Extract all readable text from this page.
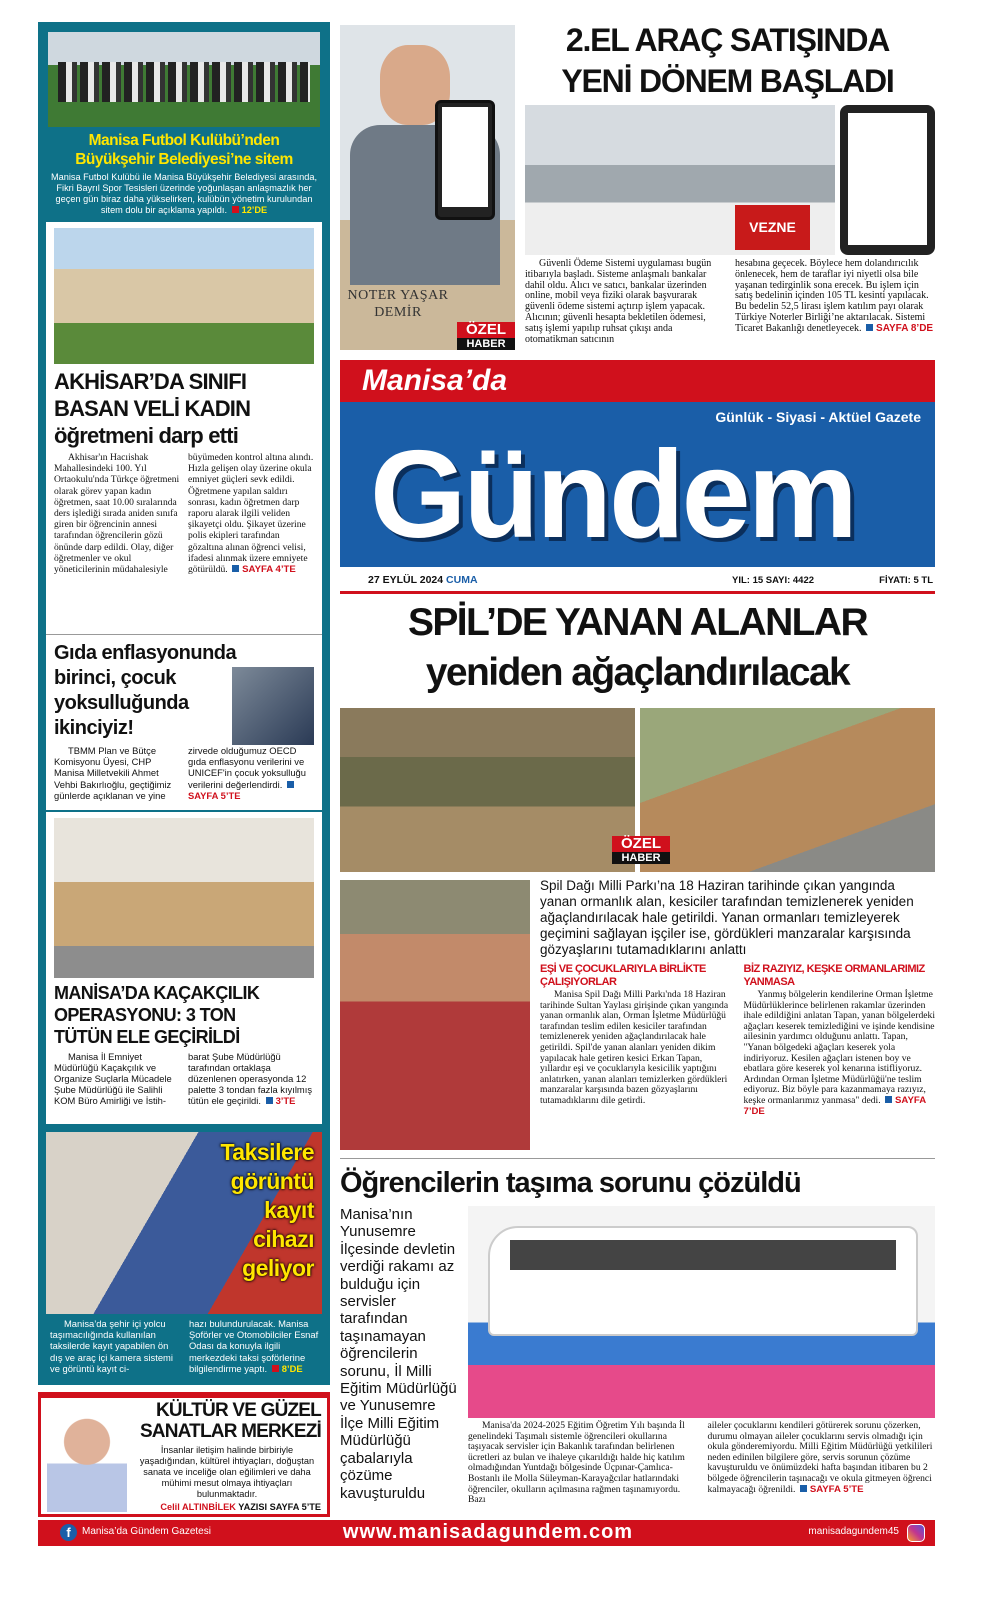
Manisa Futbol Kulübü’nden
Büyükşehir Belediyesi’ne sitem
Manisa Futbol Kulübü ile Manisa Büyükşehir Belediyesi arasında, Fikri Bayrıl Spor Tesisleri üzerinde yoğunlaşan anlaşmazlık her geçen gün biraz daha yükselirken, kulübün yönetim kurulundan sitem dolu bir açıklama yapıldı. 12’DE
AKHİSAR’DA SINIFI
BASAN VELİ KADIN
öğretmeni darp etti
Akhisar'ın Hacıishak Mahallesindeki 100. Yıl Ortaokulu'nda Türkçe öğretmeni olarak görev yapan kadın öğretmen, saat 10.00 sıralarında ders işlediği sırada aniden sınıfa giren bir öğrencinin annesi tarafından öğrencilerin gözü önünde darp edildi. Olay, diğer öğretmenler ve okul yöneticilerinin müdahalesiyle
büyümeden kontrol altına alındı. Hızla gelişen olay üzerine okula emniyet güçleri sevk edildi. Öğretmene yapılan saldırı sonrası, kadın öğretmen darp raporu alarak ilgili veliden şikayetçi oldu. Şikayet üzerine polis ekipleri tarafından gözaltına alınan öğrenci velisi, ifadesi alınmak üzere emniyete götürüldü. SAYFA 4’TE
Gıda enflasyonunda
birinci, çocuk
yoksulluğunda
ikinciyiz!
TBMM Plan ve Bütçe Komisyonu Üyesi, CHP Manisa Milletvekili Ahmet Vehbi Bakırlıoğlu, geçtiğimiz günlerde açıklanan ve yine
zirvede olduğumuz OECD gıda enflasyonu verilerini ve UNICEF'in çocuk yoksulluğu verilerini değerlendirdi. SAYFA 5’TE
MANİSA’DA KAÇAKÇILIK
OPERASYONU: 3 TON
TÜTÜN ELE GEÇİRİLDİ
Manisa İl Emniyet Müdürlüğü Kaçakçılık ve Organize Suçlarla Mücadele Şube Müdürlüğü ile Salihli KOM Büro Amirliği ve İstih-
barat Şube Müdürlüğü tarafından ortaklaşa düzenlenen operasyonda 12 palette 3 tondan fazla kıyılmış tütün ele geçirildi. 3’TE
Taksilere
görüntü
kayıt
cihazı
geliyor
Manisa’da şehir içi yolcu taşımacılığında kullanılan taksilerde kayıt yapabilen ön dış ve araç içi kamera sistemi ve görüntü kayıt ci-
hazı bulundurulacak. Manisa Şoförler ve Otomobilciler Esnaf Odası da konuyla ilgili merkezdeki taksi şoförlerine bilgilendirme yaptı. 8’DE
KÜLTÜR VE GÜZEL
SANATLAR MERKEZİ
İnsanlar iletişim halinde birbiriyle yaşadığından, kültürel ihtiyaçları, doğuştan sanata ve inceliğe olan eğilimleri ve daha mühimi mesut olmaya ihtiyaçları bulunmaktadır.
Celil ALTINBİLEK YAZISI SAYFA 5’TE
NOTER YAŞAR DEMİR
ÖZEL
HABER
2.EL ARAÇ SATIŞINDA
YENİ DÖNEM BAŞLADI
VEZNE
Güvenli Ödeme Sistemi uygulaması bugün itibarıyla başladı. Sisteme anlaşmalı bankalar dahil oldu. Alıcı ve satıcı, bankalar üzerinden online, mobil veya fiziki olarak başvurarak güvenli ödeme sistemi açtırıp işlem yapacak. Alıcının; güvenli hesapta bekletilen ödemesi, satış işlemi yapılıp ruhsat çıkışı anda otomatikman satıcının
hesabına geçecek. Böylece hem dolandırıcılık önlenecek, hem de taraflar iyi niyetli olsa bile yaşanan tedirginlik sona erecek. Bu işlem için satış bedelinin içinden 105 TL kesinti yapılacak. Bu bedelin 52,5 lirası işlem katılım payı olarak Türkiye Noterler Birliği’ne aktarılacak. Sistemi Ticaret Bakanlığı denetleyecek. SAYFA 8’DE
Manisa’da
Gündem
Günlük - Siyasi - Aktüel Gazete
27 EYLÜL 2024 CUMA	YIL: 15 SAYI: 4422	FİYATI: 5 TL
SPİL’DE YANAN ALANLAR
yeniden ağaçlandırılacak
ÖZEL
HABER
Spil Dağı Milli Parkı’na 18 Haziran tarihinde çıkan yangında yanan ormanlık alan, kesiciler tarafından temizlenerek yeniden ağaçlandırılacak hale getirildi. Yanan ormanları temizleyerek geçimini sağlayan işçiler ise, gördükleri manzaralar karşısında gözyaşlarını tutamadıklarını anlattı
EŞİ VE ÇOCUKLARIYLA BİRLİKTE ÇALIŞIYORLAR
Manisa Spil Dağı Milli Parkı'nda 18 Haziran tarihinde Sultan Yaylası girişinde çıkan yangında yanan ormanlık alan, Orman İşletme Müdürlüğü tarafından teslim edilen kesiciler tarafından temizlenerek yeniden ağaçlandırılacak hale getirildi. Spil'de yanan alanları yeniden dikim yapılacak hale getiren kesici Erkan Tapan, yıllardır eşi ve çocuklarıyla kesicilik yaptığını anlatırken, yanan alanları temizlerken gördükleri manzaralar karşısında bazen gözyaşlarını tutamadıklarını dile getirdi.
BİZ RAZIYIZ, KEŞKE ORMANLARIMIZ YANMASA
Yanmış bölgelerin kendilerine Orman İşletme Müdürlüklerince belirlenen rakamlar üzerinden ihale edildiğini anlatan Tapan, yanan bölgelerdeki ağaçları keserek temizlediğini ve işinde kendisine ailesinin yardımcı olduğunu anlattı. Tapan, "Yanan bölgedeki ağaçları keserek yola indiriyoruz. Kesilen ağaçları istenen boy ve ebatlara göre keserek yol kenarına istifliyoruz. Ardından Orman İşletme Müdürlüğü'ne teslim ediyoruz. Biz böyle para kazanmamaya razıyız, keşke ormanlarımız yanmasa" dedi. SAYFA 7’DE
Öğrencilerin taşıma sorunu çözüldü
Manisa’nın Yunusemre İlçesinde devletin verdiği rakamı az bulduğu için servisler tarafından taşınamayan öğrencilerin sorunu, İl Milli Eğitim Müdürlüğü ve Yunusemre İlçe Milli Eğitim Müdürlüğü çabalarıyla çözüme kavuşturuldu
Manisa'da 2024-2025 Eğitim Öğretim Yılı başında İl genelindeki Taşımalı sistemle öğrencileri okullarına taşıyacak servisler için Bakanlık tarafından belirlenen ücretleri az bulan ve ihaleye çıkarıldığı halde hiç katılım olmadığından Yuntdağı bölgesinde Üçpınar-Çamlıca-Bostanlı ile Molla Süleyman-Karayağcılar hatlarındaki öğrenciler, okulların açılmasına rağmen taşınamıyordu. Bazı
aileler çocuklarını kendileri götürerek sorunu çözerken, durumu olmayan aileler çocuklarını servis olmadığı için okula gönderemiyordu. Milli Eğitim Müdürlüğü yetkilileri neden edinilen bilgilere göre, servis sorunun çözüme kavuşturuldu ve önümüzdeki hafta başından itibaren bu 2 bölgede öğrencilerin taşınacağı ve okula gitmeyen öğrenci kalmayacağı öğrenildi. SAYFA 5’TE
f	Manisa’da Gündem Gazetesi	www.manisadagundem.com	manisadagundem45
